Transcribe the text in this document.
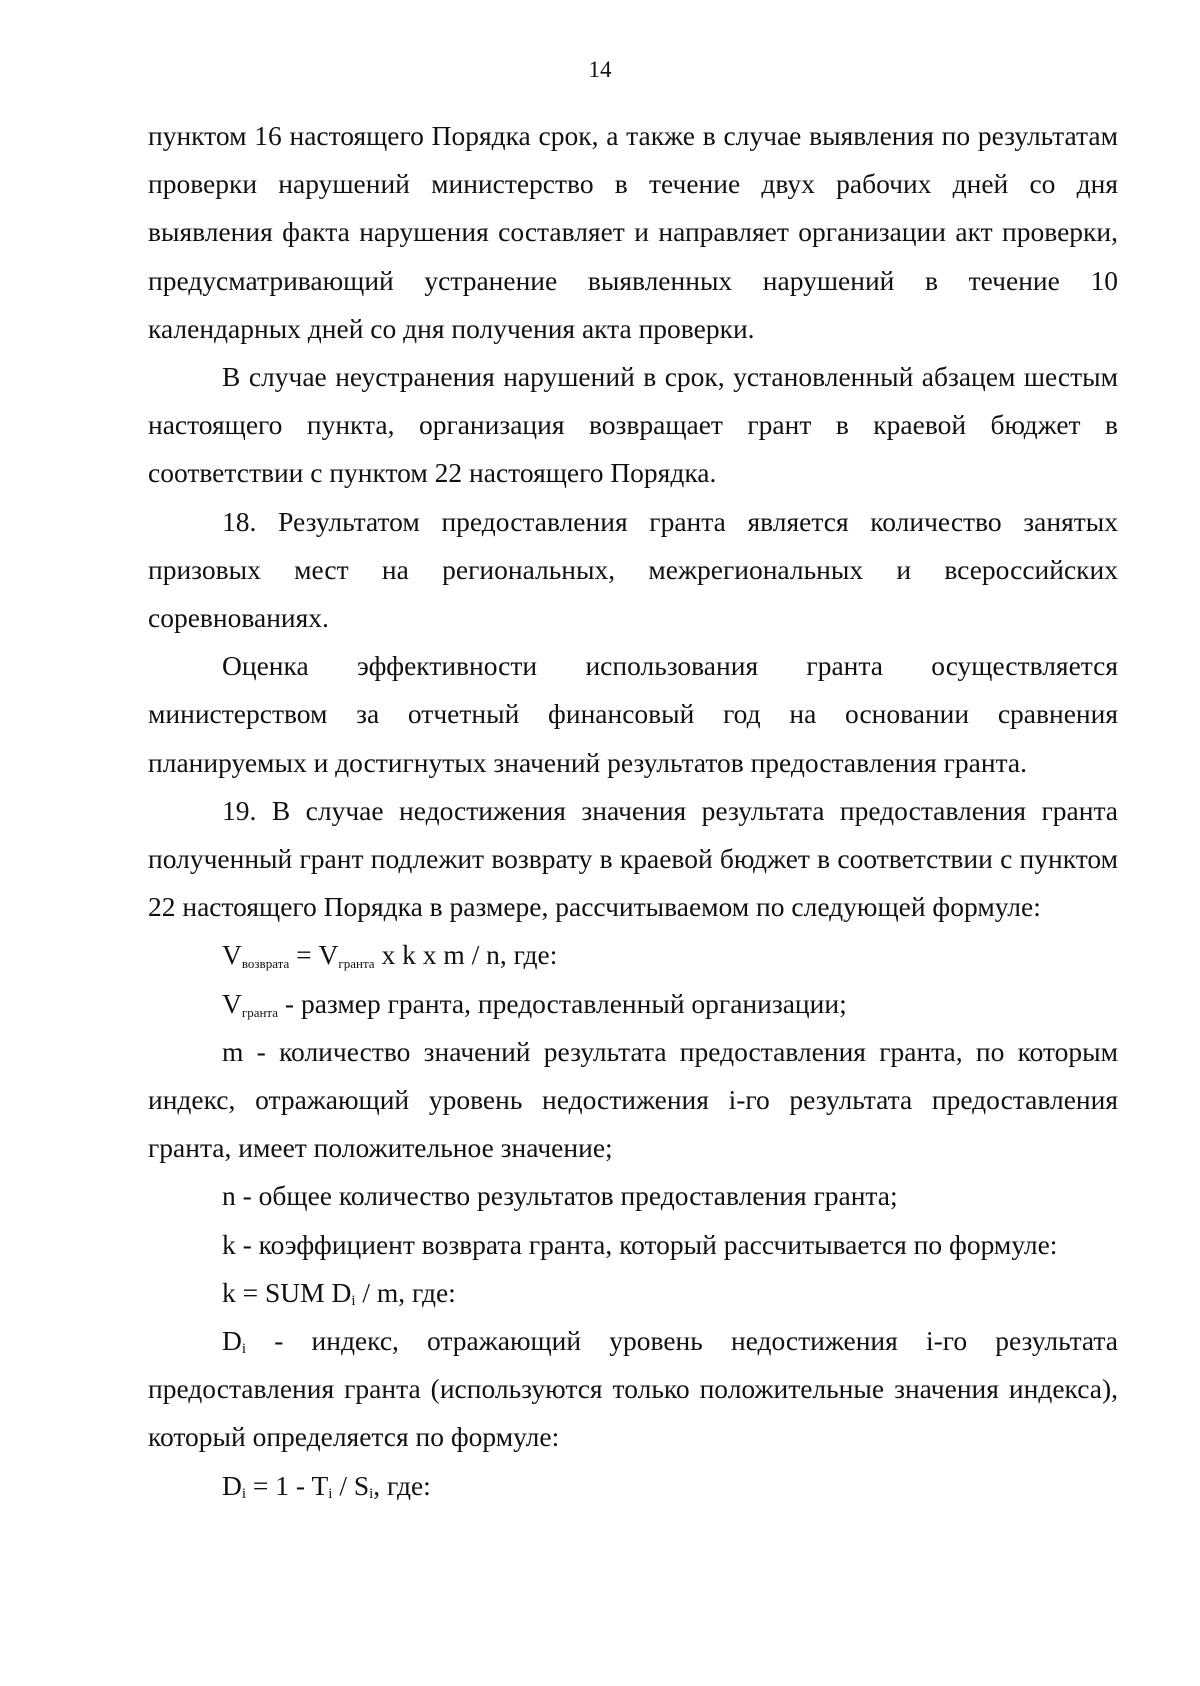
14

пунктом 16 настоящего Порядка срок, а также в случае выявления по результатам проверки нарушений министерство в течение двух рабочих дней со дня выявления факта нарушения составляет и направляет организации акт проверки, предусматривающий устранение выявленных нарушений в течение 10 календарных дней со дня получения акта проверки.

В случае неустранения нарушений в срок, установленный абзацем шестым настоящего пункта, организация возвращает грант в краевой бюджет в соответствии с пунктом 22 настоящего Порядка.

18. Результатом предоставления гранта является количество занятых призовых мест на региональных, межрегиональных и всероссийских соревнованиях.

Оценка эффективности использования гранта осуществляется министерством за отчетный финансовый год на основании сравнения планируемых и достигнутых значений результатов предоставления гранта.

19. В случае недостижения значения результата предоставления гранта полученный грант подлежит возврату в краевой бюджет в соответствии с пунктом 22 настоящего Порядка в размере, рассчитываемом по следующей формуле:

$V_{возврата} = V_{гранта}$ x k x m / n, где:

$V_{гранта}$ - размер гранта, предоставленный организации;

m - количество значений результата предоставления гранта, по которым индекс, отражающий уровень недостижения i-го результата предоставления гранта, имеет положительное значение;

n - общее количество результатов предоставления гранта;

k - коэффициент возврата гранта, который рассчитывается по формуле:

k = SUM Di / m, где:

Di - индекс, отражающий уровень недостижения i-го результата предоставления гранта (используются только положительные значения индекса), который определяется по формуле:

Di = 1 - Ti / Si, где:
